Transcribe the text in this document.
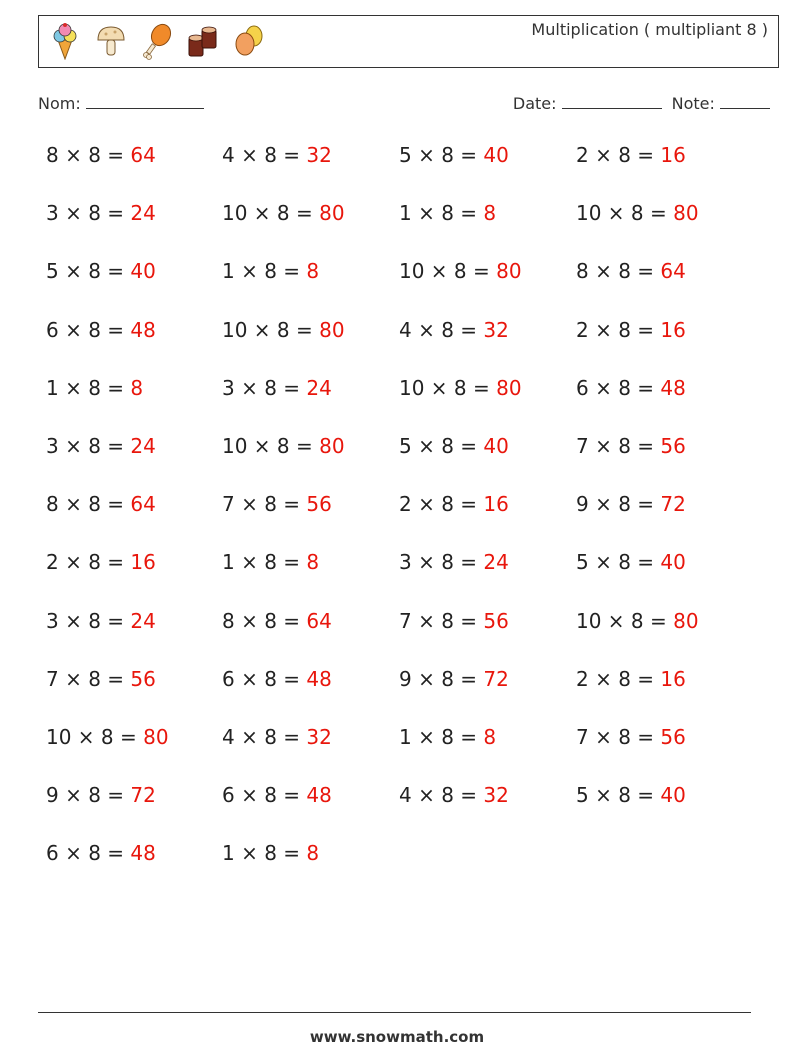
Multiplication ( multipliant 8 )
Nom:	Date:	Note:
8 × 8 = 64	4 × 8 = 32	5 × 8 = 40	2 × 8 = 16
3 × 8 = 24	10 × 8 = 80	1 × 8 = 8	10 × 8 = 80
5 × 8 = 40	1 × 8 = 8	10 × 8 = 80	8 × 8 = 64
6 × 8 = 48	10 × 8 = 80	4 × 8 = 32	2 × 8 = 16
1 × 8 = 8	3 × 8 = 24	10 × 8 = 80	6 × 8 = 48
3 × 8 = 24	10 × 8 = 80	5 × 8 = 40	7 × 8 = 56
8 × 8 = 64	7 × 8 = 56	2 × 8 = 16	9 × 8 = 72
2 × 8 = 16	1 × 8 = 8	3 × 8 = 24	5 × 8 = 40
3 × 8 = 24	8 × 8 = 64	7 × 8 = 56	10 × 8 = 80
7 × 8 = 56	6 × 8 = 48	9 × 8 = 72	2 × 8 = 16
10 × 8 = 80	4 × 8 = 32	1 × 8 = 8	7 × 8 = 56
9 × 8 = 72	6 × 8 = 48	4 × 8 = 32	5 × 8 = 40
6 × 8 = 48	1 × 8 = 8
www.snowmath.com
